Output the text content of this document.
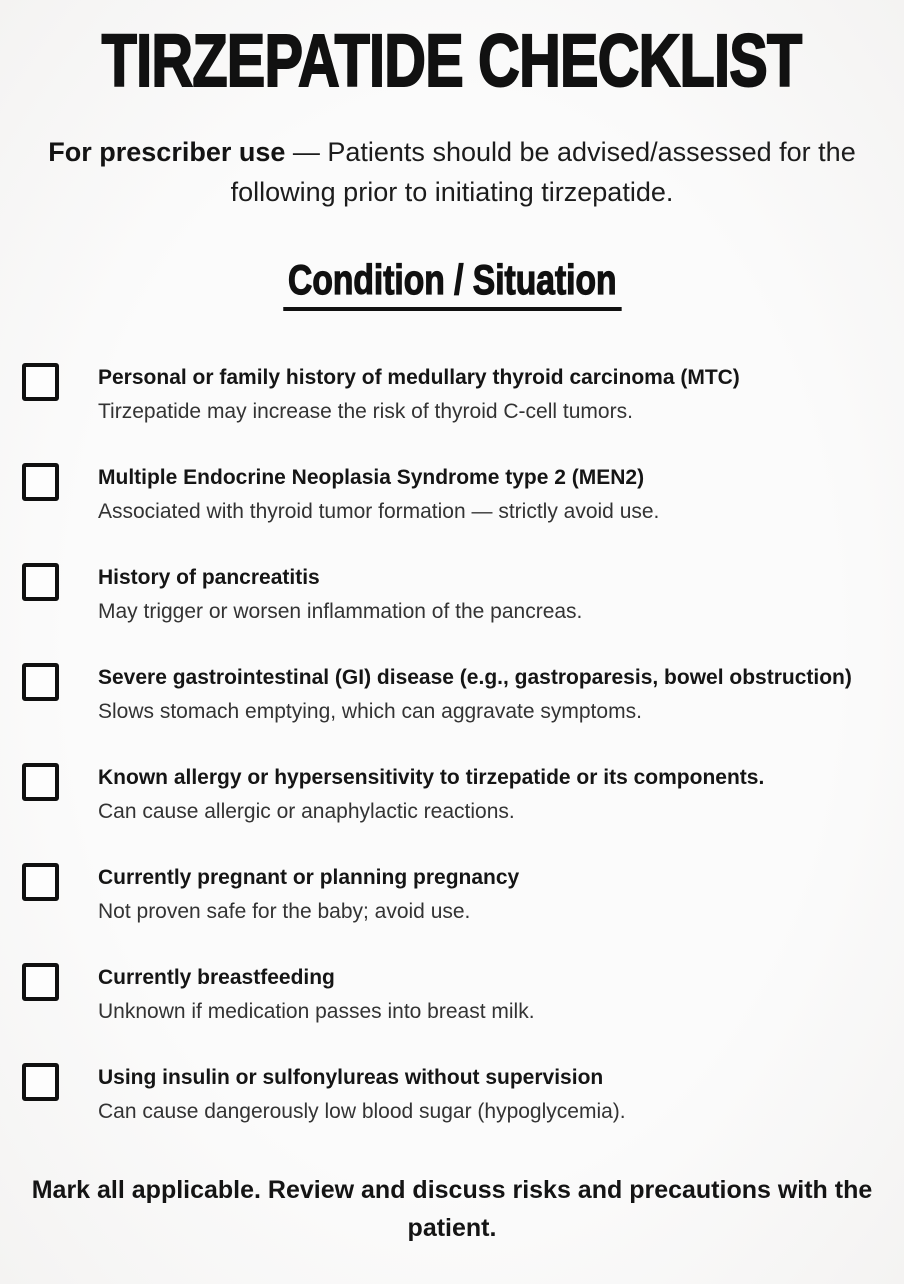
TIRZEPATIDE CHECKLIST

For prescriber use — Patients should be advised/assessed for the following prior to initiating tirzepatide.

Condition / Situation
Personal or family history of medullary thyroid carcinoma (MTC)
Tirzepatide may increase the risk of thyroid C-cell tumors.
Multiple Endocrine Neoplasia Syndrome type 2 (MEN2)
Associated with thyroid tumor formation — strictly avoid use.
History of pancreatitis
May trigger or worsen inflammation of the pancreas.
Severe gastrointestinal (GI) disease (e.g., gastroparesis, bowel obstruction)
Slows stomach emptying, which can aggravate symptoms.
Known allergy or hypersensitivity to tirzepatide or its components.
Can cause allergic or anaphylactic reactions.
Currently pregnant or planning pregnancy
Not proven safe for the baby; avoid use.
Currently breastfeeding
Unknown if medication passes into breast milk.
Using insulin or sulfonylureas without supervision
Can cause dangerously low blood sugar (hypoglycemia).

Mark all applicable. Review and discuss risks and precautions with the patient.
